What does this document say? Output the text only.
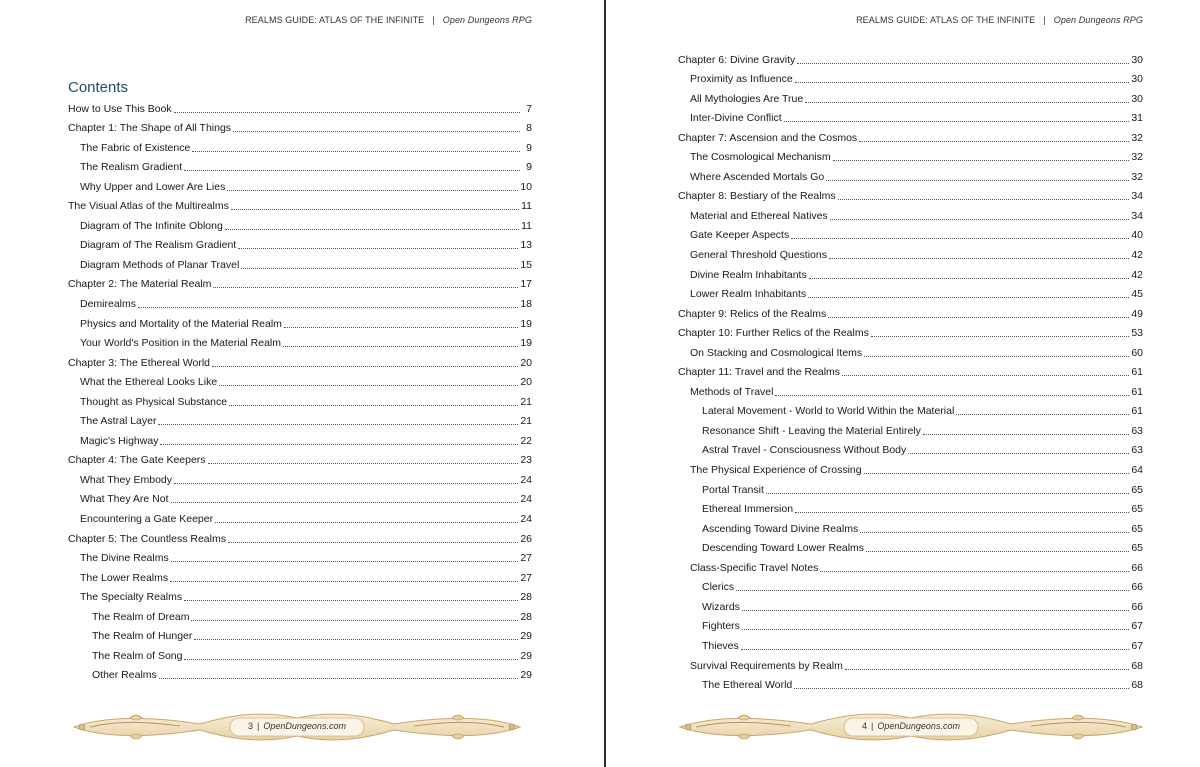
REALMS GUIDE: ATLAS OF THE INFINITE | Open Dungeons RPG
Contents
How to Use This Book	7
Chapter 1: The Shape of All Things	8
The Fabric of Existence	9
The Realism Gradient	9
Why Upper and Lower Are Lies	10
The Visual Atlas of the Multirealms	11
Diagram of The Infinite Oblong	11
Diagram of The Realism Gradient	13
Diagram Methods of Planar Travel	15
Chapter 2: The Material Realm	17
Demirealms	18
Physics and Mortality of the Material Realm	19
Your World's Position in the Material Realm	19
Chapter 3: The Ethereal World	20
What the Ethereal Looks Like	20
Thought as Physical Substance	21
The Astral Layer	21
Magic's Highway	22
Chapter 4: The Gate Keepers	23
What They Embody	24
What They Are Not	24
Encountering a Gate Keeper	24
Chapter 5: The Countless Realms	26
The Divine Realms	27
The Lower Realms	27
The Specialty Realms	28
The Realm of Dream	28
The Realm of Hunger	29
The Realm of Song	29
Other Realms	29
3 | OpenDungeons.com
REALMS GUIDE: ATLAS OF THE INFINITE | Open Dungeons RPG
Chapter 6: Divine Gravity	30
Proximity as Influence	30
All Mythologies Are True	30
Inter-Divine Conflict	31
Chapter 7: Ascension and the Cosmos	32
The Cosmological Mechanism	32
Where Ascended Mortals Go	32
Chapter 8: Bestiary of the Realms	34
Material and Ethereal Natives	34
Gate Keeper Aspects	40
General Threshold Questions	42
Divine Realm Inhabitants	42
Lower Realm Inhabitants	45
Chapter 9: Relics of the Realms	49
Chapter 10: Further Relics of the Realms	53
On Stacking and Cosmological Items	60
Chapter 11: Travel and the Realms	61
Methods of Travel	61
Lateral Movement - World to World Within the Material	61
Resonance Shift - Leaving the Material Entirely	63
Astral Travel - Consciousness Without Body	63
The Physical Experience of Crossing	64
Portal Transit	65
Ethereal Immersion	65
Ascending Toward Divine Realms	65
Descending Toward Lower Realms	65
Class-Specific Travel Notes	66
Clerics	66
Wizards	66
Fighters	67
Thieves	67
Survival Requirements by Realm	68
The Ethereal World	68
4 | OpenDungeons.com
